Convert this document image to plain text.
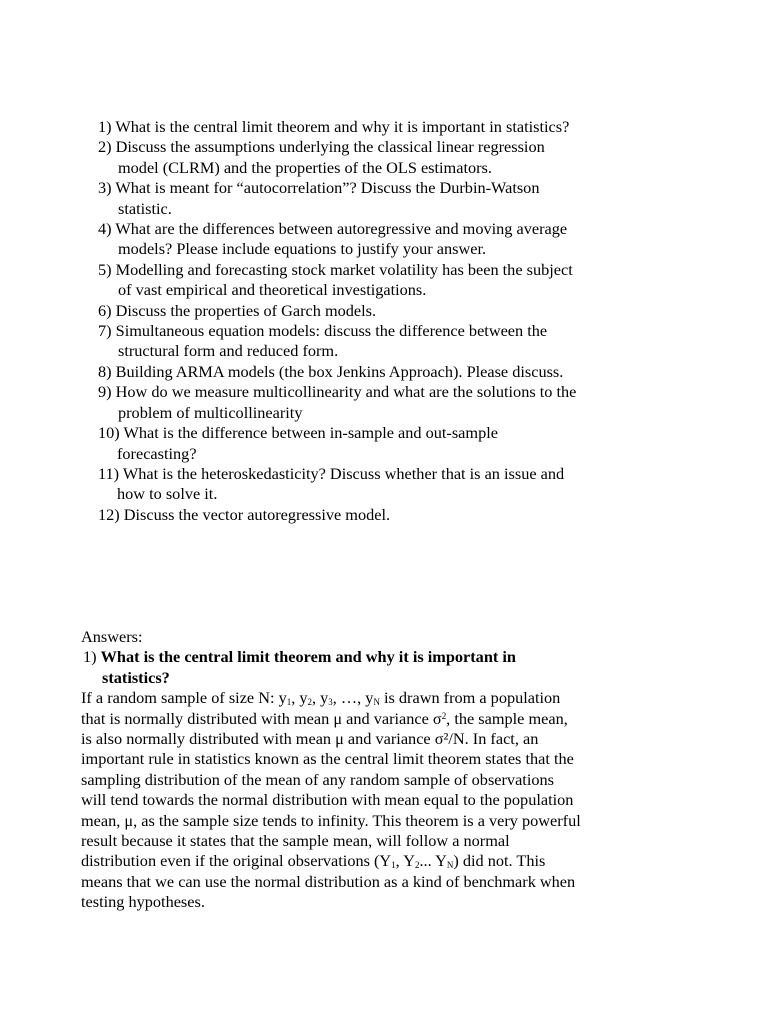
1) What is the central limit theorem and why it is important in statistics?
2) Discuss the assumptions underlying the classical linear regression model (CLRM) and the properties of the OLS estimators.
3) What is meant for “autocorrelation”? Discuss the Durbin-Watson statistic.
4) What are the differences between autoregressive and moving average models? Please include equations to justify your answer.
5) Modelling and forecasting stock market volatility has been the subject of vast empirical and theoretical investigations.
6) Discuss the properties of Garch models.
7) Simultaneous equation models: discuss the difference between the structural form and reduced form.
8) Building ARMA models (the box Jenkins Approach). Please discuss.
9) How do we measure multicollinearity and what are the solutions to the problem of multicollinearity
10) What is the difference between in-sample and out-sample forecasting?
11) What is the heteroskedasticity? Discuss whether that is an issue and how to solve it.
12) Discuss the vector autoregressive model.

Answers:

1) What is the central limit theorem and why it is important in statistics?

If a random sample of size N: $y_1$, $y_2$, $y_3$, …, $y_N$ is drawn from a population that is normally distributed with mean μ and variance $\sigma^2$, the sample mean, is also normally distributed with mean μ and variance σ²/N. In fact, an important rule in statistics known as the central limit theorem states that the sampling distribution of the mean of any random sample of observations will tend towards the normal distribution with mean equal to the population mean, μ, as the sample size tends to infinity. This theorem is a very powerful result because it states that the sample mean, will follow a normal distribution even if the original observations ($Y_1$, $Y_2$... $Y_N$) did not. This means that we can use the normal distribution as a kind of benchmark when testing hypotheses.
